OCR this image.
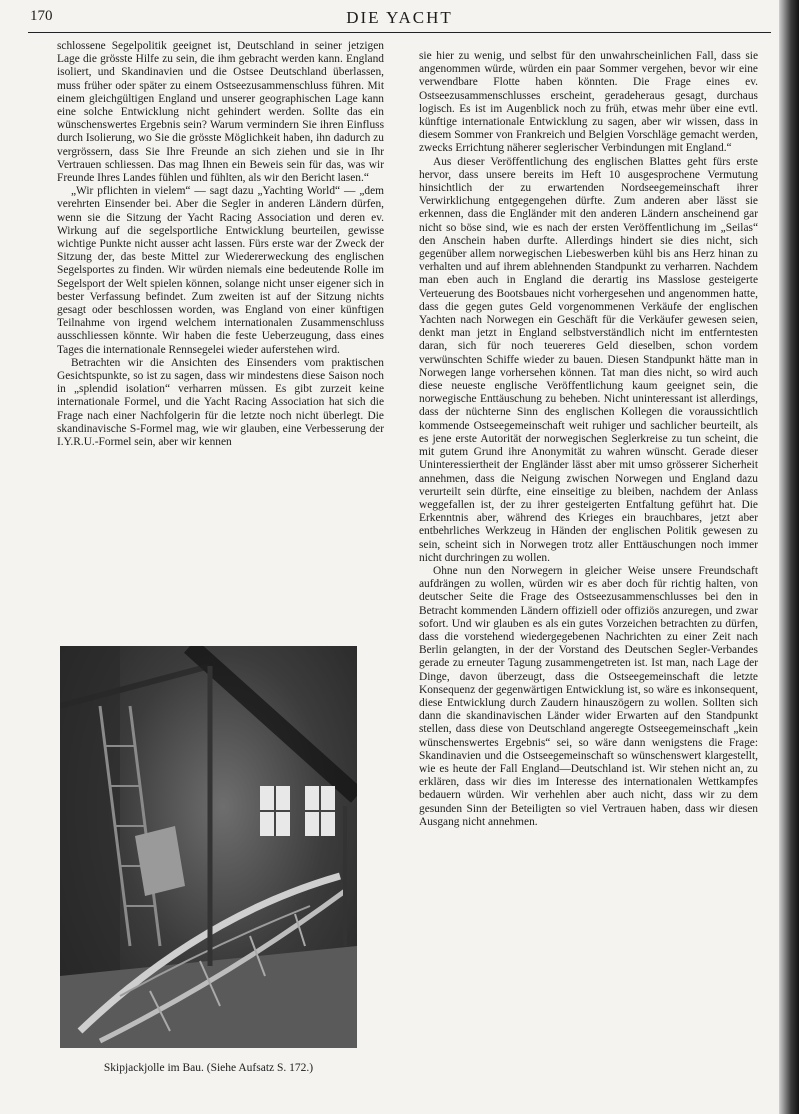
170	DIE YACHT

schlossene Segelpolitik geeignet ist, Deutschland in seiner jetzigen Lage die grösste Hilfe zu sein, die ihm gebracht werden kann. England isoliert, und Skandinavien und die Ostsee Deutschland überlassen, muss früher oder später zu einem Ostseezusammenschluss führen. Mit einem gleichgültigen England und unserer geographischen Lage kann eine solche Entwicklung nicht gehindert werden. Sollte das ein wünschenswertes Ergebnis sein? Warum vermindern Sie ihren Einfluss durch Isolierung, wo Sie die grösste Möglichkeit haben, ihn dadurch zu vergrössern, dass Sie Ihre Freunde an sich ziehen und sie in Ihr Vertrauen schliessen. Das mag Ihnen ein Beweis sein für das, was wir Freunde Ihres Landes fühlen und fühlten, als wir den Bericht lasen.“

„Wir pflichten in vielem“ — sagt dazu „Yachting World“ — „dem verehrten Einsender bei. Aber die Segler in anderen Ländern dürfen, wenn sie die Sitzung der Yacht Racing Association und deren ev. Wirkung auf die segelsportliche Entwicklung beurteilen, gewisse wichtige Punkte nicht ausser acht lassen. Fürs erste war der Zweck der Sitzung der, das beste Mittel zur Wiedererweckung des englischen Segelsportes zu finden. Wir würden niemals eine bedeutende Rolle im Segelsport der Welt spielen können, solange nicht unser eigener sich in bester Verfassung befindet. Zum zweiten ist auf der Sitzung nichts gesagt oder beschlossen worden, was England von einer künftigen Teilnahme von irgend welchem internationalen Zusammenschluss ausschliessen könnte. Wir haben die feste Ueberzeugung, dass eines Tages die internationale Rennsegelei wieder auferstehen wird.

Betrachten wir die Ansichten des Einsenders vom praktischen Gesichtspunkte, so ist zu sagen, dass wir mindestens diese Saison noch in „splendid isolation“ verharren müssen. Es gibt zurzeit keine internationale Formel, und die Yacht Racing Association hat sich die Frage nach einer Nachfolgerin für die letzte noch nicht überlegt. Die skandinavische S-Formel mag, wie wir glauben, eine Verbesserung der I.Y.R.U.-Formel sein, aber wir kennen

Skipjackjolle im Bau. (Siehe Aufsatz S. 172.)

sie hier zu wenig, und selbst für den unwahrscheinlichen Fall, dass sie angenommen würde, würden ein paar Sommer vergehen, bevor wir eine verwendbare Flotte haben könnten. Die Frage eines ev. Ostseezusammenschlusses erscheint, geradeheraus gesagt, durchaus logisch. Es ist im Augenblick noch zu früh, etwas mehr über eine evtl. künftige internationale Entwicklung zu sagen, aber wir wissen, dass in diesem Sommer von Frankreich und Belgien Vorschläge gemacht werden, zwecks Errichtung näherer seglerischer Verbindungen mit England.“

Aus dieser Veröffentlichung des englischen Blattes geht fürs erste hervor, dass unsere bereits im Heft 10 ausgesprochene Vermutung hinsichtlich der zu erwartenden Nordseegemeinschaft ihrer Verwirklichung entgegengehen dürfte. Zum anderen aber lässt sie erkennen, dass die Engländer mit den anderen Ländern anscheinend gar nicht so böse sind, wie es nach der ersten Veröffentlichung im „Seilas“ den Anschein haben durfte. Allerdings hindert sie dies nicht, sich gegenüber allem norwegischen Liebeswerben kühl bis ans Herz hinan zu verhalten und auf ihrem ablehnenden Standpunkt zu verharren. Nachdem man eben auch in England die derartig ins Masslose gesteigerte Verteuerung des Bootsbaues nicht vorhergesehen und angenommen hatte, dass die gegen gutes Geld vorgenommenen Verkäufe der englischen Yachten nach Norwegen ein Geschäft für die Verkäufer gewesen seien, denkt man jetzt in England selbstverständlich nicht im entferntesten daran, sich für noch teuereres Geld dieselben, schon vordem verwünschten Schiffe wieder zu bauen. Diesen Standpunkt hätte man in Norwegen lange vorhersehen können. Tat man dies nicht, so wird auch diese neueste englische Veröffentlichung kaum geeignet sein, die norwegische Enttäuschung zu beheben. Nicht uninteressant ist allerdings, dass der nüchterne Sinn des englischen Kollegen die voraussichtlich kommende Ostseegemeinschaft weit ruhiger und sachlicher beurteilt, als es jene erste Autorität der norwegischen Seglerkreise zu tun scheint, die mit gutem Grund ihre Anonymität zu wahren wünscht. Gerade dieser Uninteressiertheit der Engländer lässt aber mit umso grösserer Sicherheit annehmen, dass die Neigung zwischen Norwegen und England dazu verurteilt sein dürfte, eine einseitige zu bleiben, nachdem der Anlass weggefallen ist, der zu ihrer gesteigerten Entfaltung geführt hat. Die Erkenntnis aber, während des Krieges ein brauchbares, jetzt aber entbehrliches Werkzeug in Händen der englischen Politik gewesen zu sein, scheint sich in Norwegen trotz aller Enttäuschungen noch immer nicht durchringen zu wollen.

Ohne nun den Norwegern in gleicher Weise unsere Freundschaft aufdrängen zu wollen, würden wir es aber doch für richtig halten, von deutscher Seite die Frage des Ostseezusammenschlusses bei den in Betracht kommenden Ländern offiziell oder offiziös anzuregen, und zwar sofort. Und wir glauben es als ein gutes Vorzeichen betrachten zu dürfen, dass die vorstehend wiedergegebenen Nachrichten zu einer Zeit nach Berlin gelangten, in der der Vorstand des Deutschen Segler-Verbandes gerade zu erneuter Tagung zusammengetreten ist. Ist man, nach Lage der Dinge, davon überzeugt, dass die Ostseegemeinschaft die letzte Konsequenz der gegenwärtigen Entwicklung ist, so wäre es inkonsequent, diese Entwicklung durch Zaudern hinauszögern zu wollen. Sollten sich dann die skandinavischen Länder wider Erwarten auf den Standpunkt stellen, dass diese von Deutschland angeregte Ostseegemeinschaft „kein wünschenswertes Ergebnis“ sei, so wäre dann wenigstens die Frage: Skandinavien und die Ostseegemeinschaft so wünschenswert klargestellt, wie es heute der Fall England—Deutschland ist. Wir stehen nicht an, zu erklären, dass wir dies im Interesse des internationalen Wettkampfes bedauern würden. Wir verhehlen aber auch nicht, dass wir zu dem gesunden Sinn der Beteiligten so viel Vertrauen haben, dass wir diesen Ausgang nicht annehmen.
